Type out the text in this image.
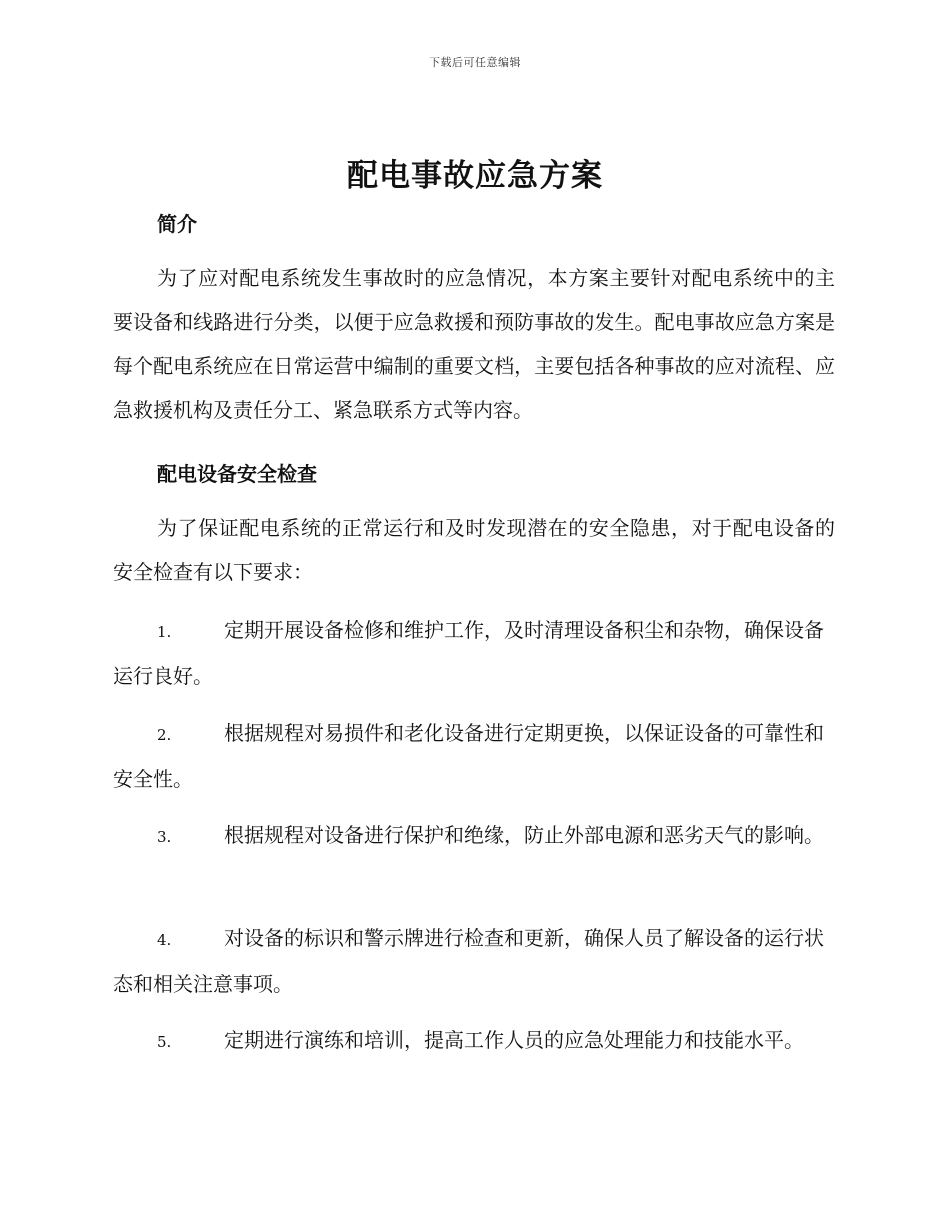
下载后可任意编辑
配电事故应急方案
简介

为了应对配电系统发生事故时的应急情况，本方案主要针对配电系统中的主要设备和线路进行分类，以便于应急救援和预防事故的发生。配电事故应急方案是每个配电系统应在日常运营中编制的重要文档，主要包括各种事故的应对流程、应急救援机构及责任分工、紧急联系方式等内容。

配电设备安全检查

为了保证配电系统的正常运行和及时发现潜在的安全隐患，对于配电设备的安全检查有以下要求：

1.	定期开展设备检修和维护工作，及时清理设备积尘和杂物，确保设备运行良好。

2.	根据规程对易损件和老化设备进行定期更换，以保证设备的可靠性和安全性。

3.	根据规程对设备进行保护和绝缘，防止外部电源和恶劣天气的影响。

4.	对设备的标识和警示牌进行检查和更新，确保人员了解设备的运行状态和相关注意事项。

5.	定期进行演练和培训，提高工作人员的应急处理能力和技能水平。
